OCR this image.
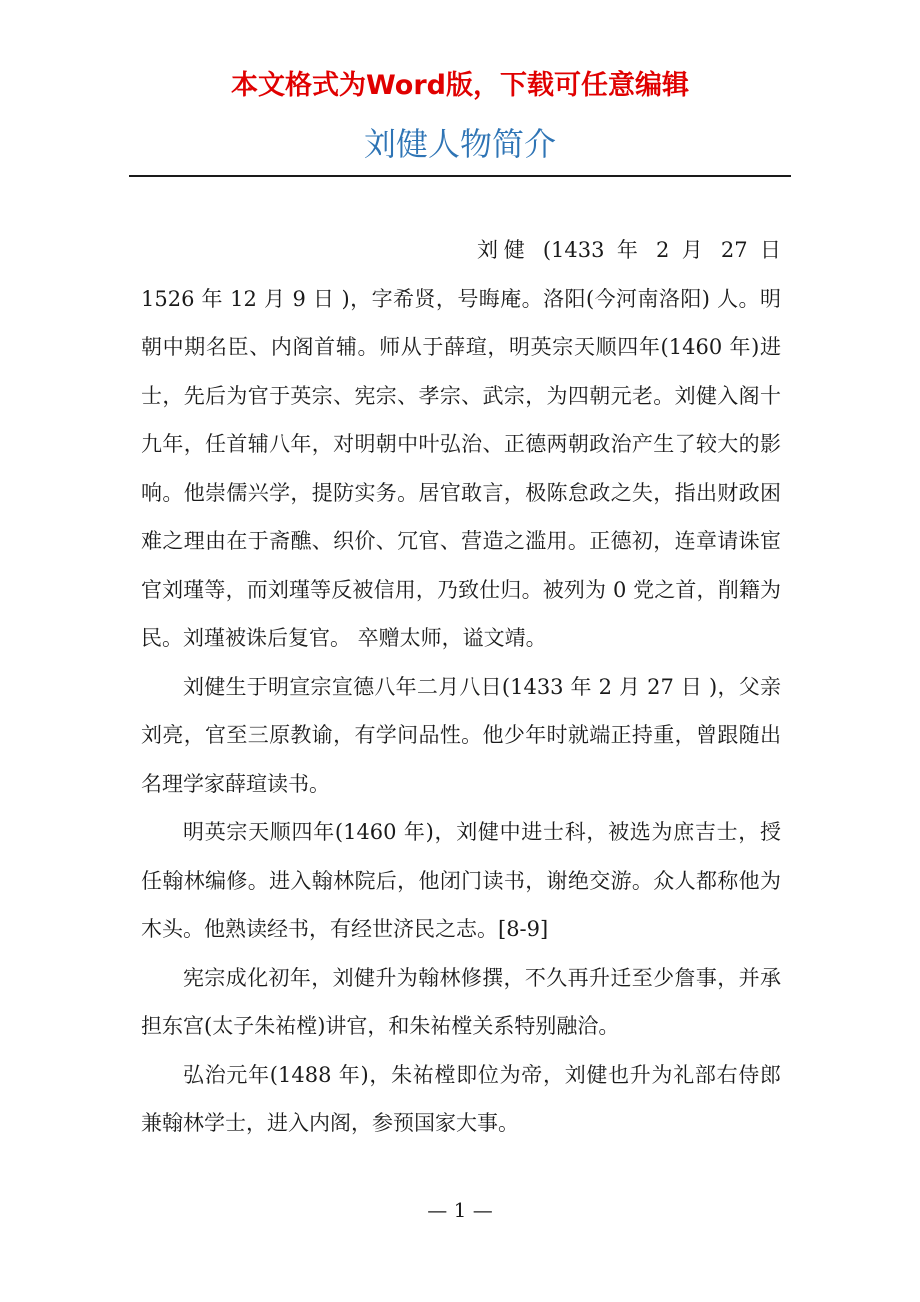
本文格式为Word版，下载可任意编辑
刘健人物简介

刘健 (1433 年 2 月 27 日 1526 年 12 月 9 日 )，字希贤，号晦庵。洛阳(今河南洛阳) 人。明朝中期名臣、内阁首辅。师从于薛瑄，明英宗天顺四年(1460 年)进士，先后为官于英宗、宪宗、孝宗、武宗，为四朝元老。刘健入阁十九年，任首辅八年，对明朝中叶弘治、正德两朝政治产生了较大的影响。他崇儒兴学，提防实务。居官敢言，极陈怠政之失，指出财政困难之理由在于斋醮、织价、冗官、营造之滥用。正德初，连章请诛宦官刘瑾等，而刘瑾等反被信用，乃致仕归。被列为 0 党之首，削籍为民。刘瑾被诛后复官。 卒赠太师，谥文靖。

刘健生于明宣宗宣德八年二月八日(1433 年 2 月 27 日 )，父亲刘亮，官至三原教谕，有学问品性。他少年时就端正持重，曾跟随出名理学家薛瑄读书。

明英宗天顺四年(1460 年)，刘健中进士科，被选为庶吉士，授任翰林编修。进入翰林院后，他闭门读书，谢绝交游。众人都称他为木头。他熟读经书，有经世济民之志。[8-9]

宪宗成化初年，刘健升为翰林修撰，不久再升迁至少詹事，并承担东宫(太子朱祐樘)讲官，和朱祐樘关系特别融洽。

弘治元年(1488 年)，朱祐樘即位为帝，刘健也升为礼部右侍郎兼翰林学士，进入内阁，参预国家大事。

— 1 —
